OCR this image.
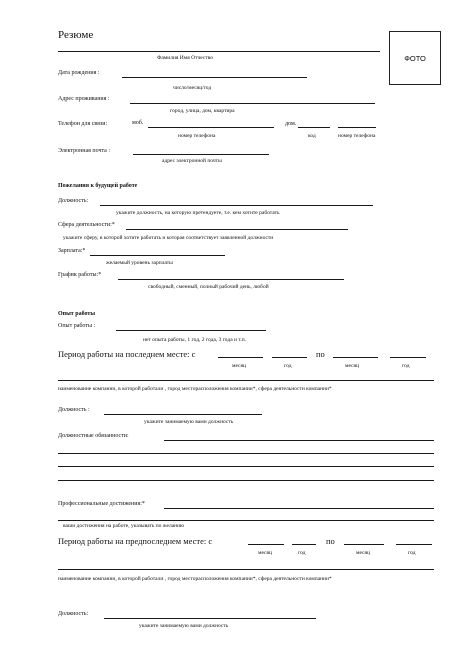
Резюме
Фамилия Имя Отчество	ФОТО
Дата рождения :
число/месяц/год
Адрес проживания :
город, улица, дом, квартира
Телефон для связи:	моб.	дом.
номер телефона	код	номер телефона
Электронная почта :
адрес электронной почты
Пожелания к будущей работе
Должность:
укажите должность, на которую претендуете, т.е. кем хотите работать
Сфера деятельности:*
укажите сферу, в которой хотите работать и которая соответствует заявленной должности
Зарплата:*
желаемый уровень зарплаты
График работы:*
свободный, сменный, полный рабочий день, любой
Опыт работы
Опыт работы :
нет опыта работы, 1 год, 2 года, 3 года и т.п.
Период работы на последнем месте: с	по
месяц	год	месяц	год
наименование компании, в которой работали , город месторасположения компании*, сфера деятельности компании*
Должность :
укажите занимаемую вами должность
Должностные обязанности:
Профессиональные достижения:*
ваши достижения на работе, указывать по желанию
Период работы на предпоследнем месте: с	по
месяц	год	месяц	год
наименование компании, в которой работали , город месторасположения компании*, сфера деятельности компании*
Должность:
укажите занимаемую вами должность
